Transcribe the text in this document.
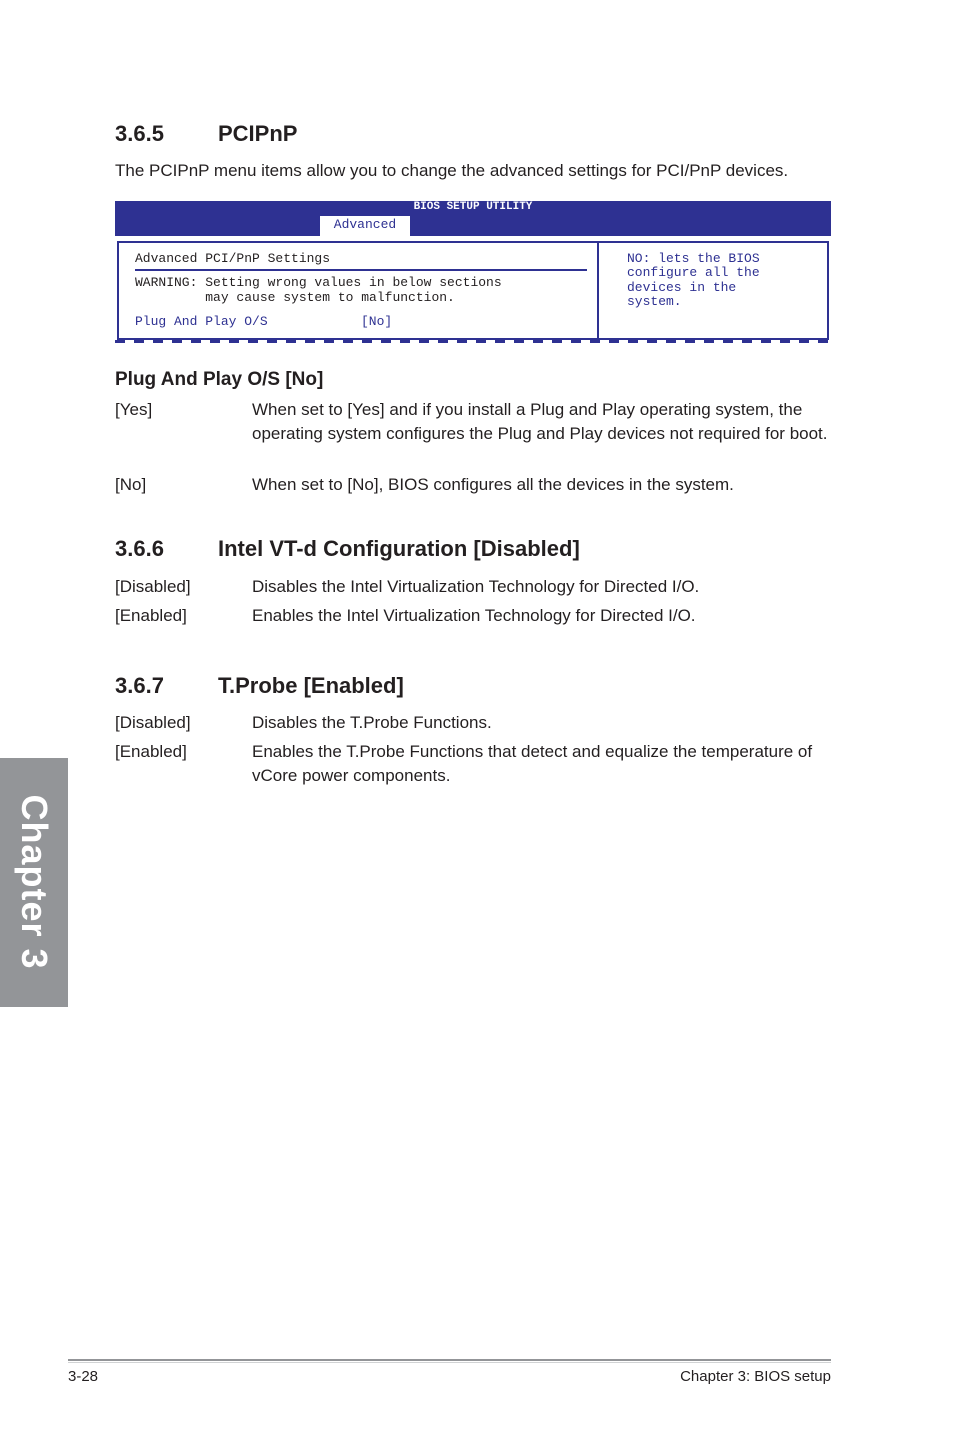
3.6.5 PCIPnP
The PCIPnP menu items allow you to change the advanced settings for PCI/PnP devices.
BIOS SETUP UTILITY
Advanced
Advanced PCI/PnP Settings
WARNING: Setting wrong values in below sections
may cause system to malfunction.
Plug And Play O/S	[No]
NO: lets the BIOS
configure all the
devices in the
system.
Plug And Play O/S [No]
[Yes]	When set to [Yes] and if you install a Plug and Play operating system, the operating system configures the Plug and Play devices not required for boot.
[No]	When set to [No], BIOS configures all the devices in the system.
3.6.6 Intel VT-d Configuration [Disabled]
[Disabled]	Disables the Intel Virtualization Technology for Directed I/O.
[Enabled]	Enables the Intel Virtualization Technology for Directed I/O.
3.6.7 T.Probe [Enabled]
[Disabled]	Disables the T.Probe Functions.
[Enabled]	Enables the T.Probe Functions that detect and equalize the temperature of vCore power components.
Chapter 3
3-28	Chapter 3: BIOS setup
